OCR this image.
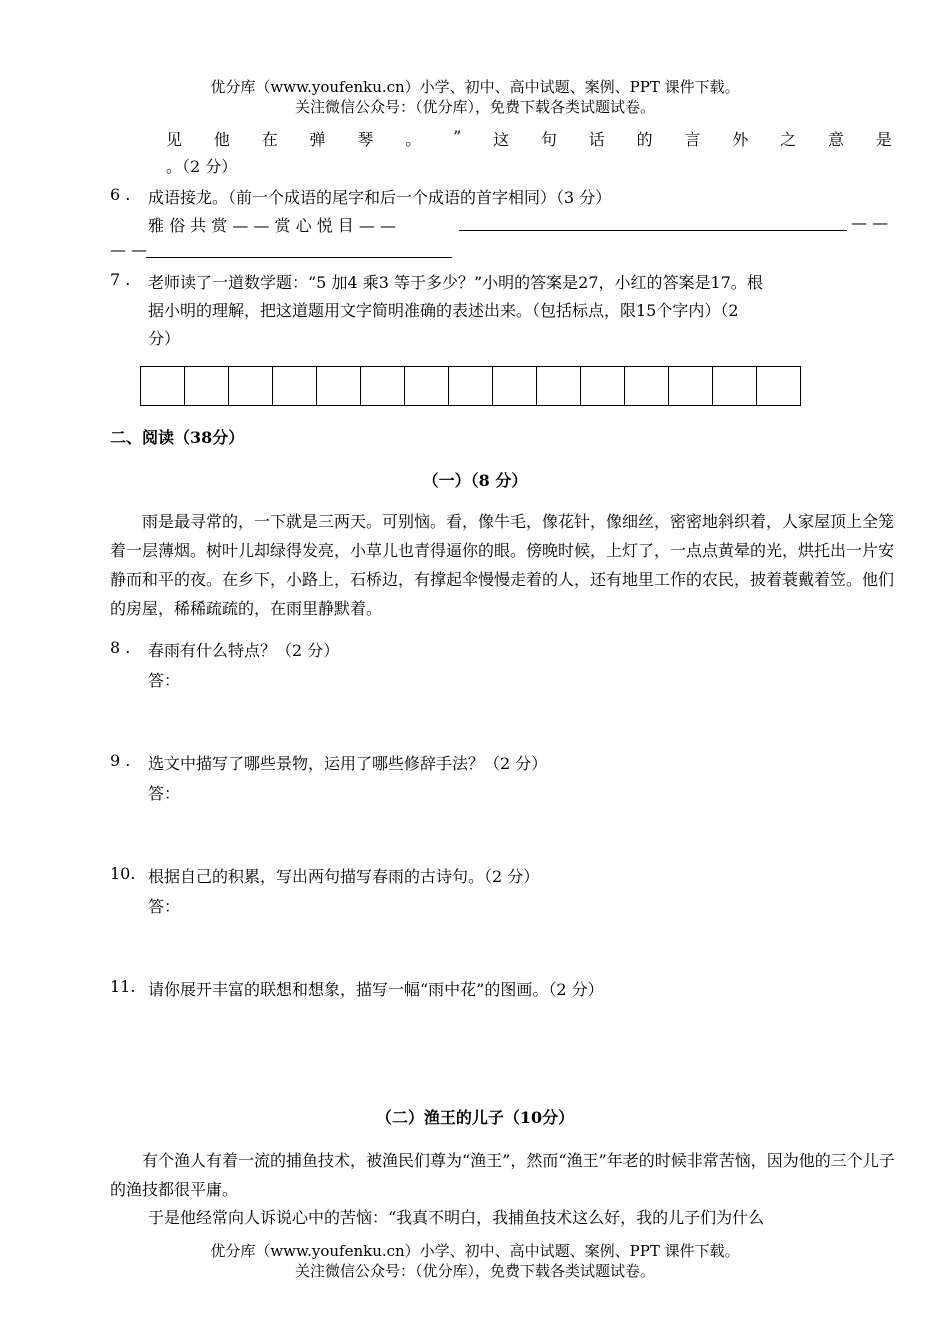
优分库（www.youfenku.cn）小学、初中、高中试题、案例、PPT 课件下载。
关注微信公众号：（优分库），免费下载各类试题试卷。
见 他 在 弹 琴 。 ” 这 句 话 的 言 外 之 意 是
。（2 分）
6 . 成语接龙。（前一个成语的尾字和后一个成语的首字相同）（3 分）
雅 俗 共 赏 — — 赏 心 悦 目 — —	— —
— —
7 . 老师读了一道数学题：“5 加4 乘3 等于多少？”小明的答案是27，小红的答案是17。根
据小明的理解，把这道题用文字简明准确的表述出来。（包括标点，限15个字内）（2
分）
二、阅读（38分）
（一）（8 分）
雨是最寻常的，一下就是三两天。可别恼。看，像牛毛，像花针，像细丝，密密地斜织着，人家屋顶上全笼着一层薄烟。树叶儿却绿得发亮，小草儿也青得逼你的眼。傍晚时候，上灯了，一点点黄晕的光，烘托出一片安静而和平的夜。在乡下，小路上，石桥边，有撑起伞慢慢走着的人，还有地里工作的农民，披着蓑戴着笠。他们的房屋，稀稀疏疏的，在雨里静默着。
8 . 春雨有什么特点？（2 分）
答：
9 . 选文中描写了哪些景物，运用了哪些修辞手法？（2 分）
答：
10. 根据自己的积累，写出两句描写春雨的古诗句。（2 分）
答：
11. 请你展开丰富的联想和想象，描写一幅“雨中花”的图画。（2 分）
（二）渔王的儿子（10分）
有个渔人有着一流的捕鱼技术，被渔民们尊为“渔王”，然而“渔王”年老的时候非常苦恼，因为他的三个儿子的渔技都很平庸。
于是他经常向人诉说心中的苦恼：“我真不明白，我捕鱼技术这么好，我的儿子们为什么
优分库（www.youfenku.cn）小学、初中、高中试题、案例、PPT 课件下载。
关注微信公众号：（优分库），免费下载各类试题试卷。
